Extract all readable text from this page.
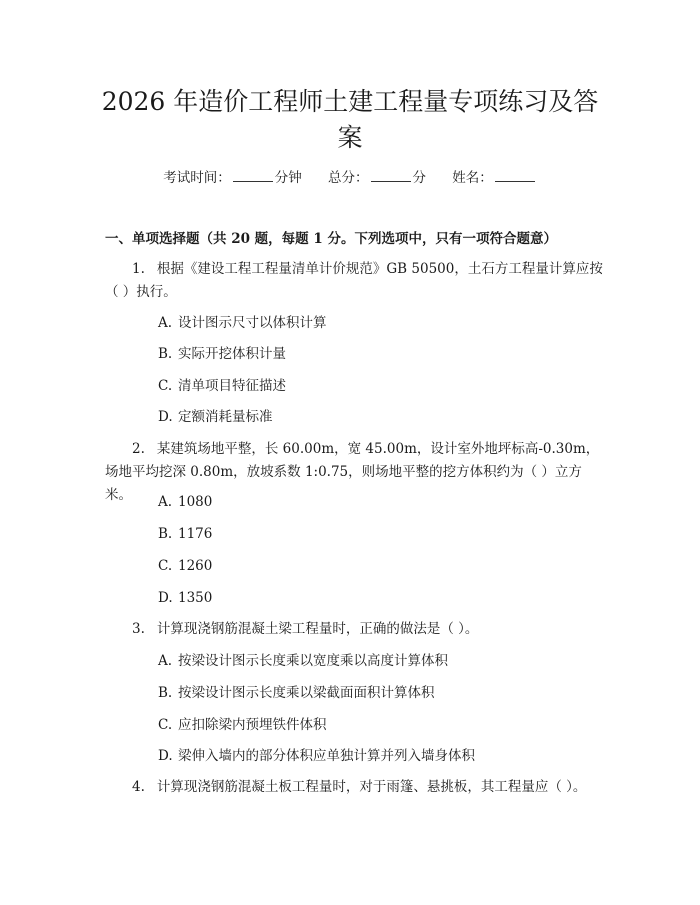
2026 年造价工程师土建工程量专项练习及答
案
考试时间：	分钟 总分：	分 姓名：
一、单项选择题（共 20 题，每题 1 分。下列选项中，只有一项符合题意）

1. 根据《建设工程工程量清单计价规范》GB 50500，土石方工程量计算应按（ ）执行。

A. 设计图示尺寸以体积计算
B. 实际开挖体积计量
C. 清单项目特征描述
D. 定额消耗量标准

2. 某建筑场地平整，长 60.00m，宽 45.00m，设计室外地坪标高-0.30m，场地平均挖深 0.80m，放坡系数 1:0.75，则场地平整的挖方体积约为（ ）立方米。	A. 1080
B. 1176
C. 1260
D. 1350

3. 计算现浇钢筋混凝土梁工程量时，正确的做法是（ ）。

A. 按梁设计图示长度乘以宽度乘以高度计算体积
B. 按梁设计图示长度乘以梁截面面积计算体积
C. 应扣除梁内预埋铁件体积
D. 梁伸入墙内的部分体积应单独计算并列入墙身体积

4. 计算现浇钢筋混凝土板工程量时，对于雨篷、悬挑板，其工程量应（ ）。
